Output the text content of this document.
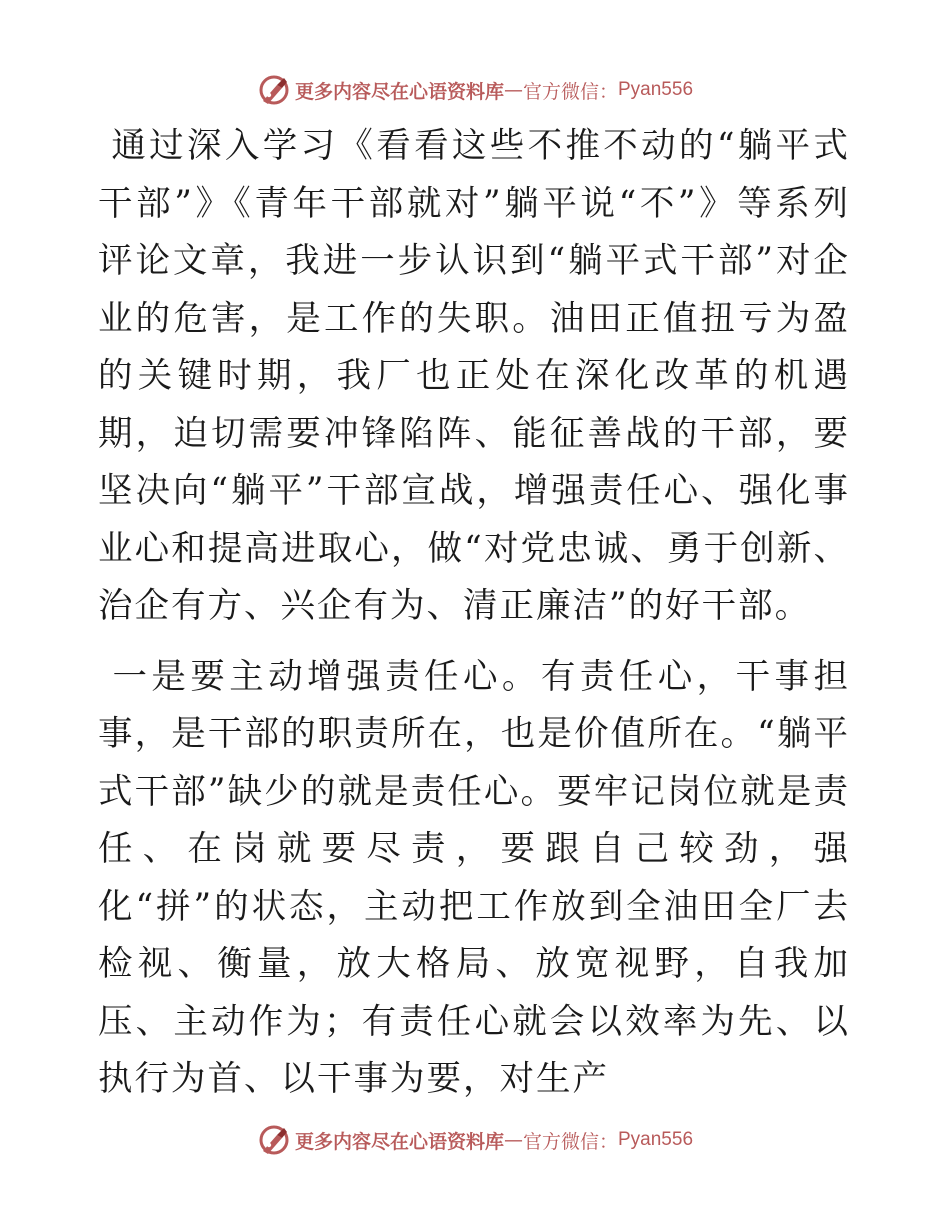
更多内容尽在心语资料库 — 官方微信： Pyan556

通过深入学习《看看这些不推不动的“躺平式干部”》《青年干部就对”躺平说“不”》等系列评论文章，我进一步认识到“躺平式干部”对企业的危害，是工作的失职。油田正值扭亏为盈的关键时期，我厂也正处在深化改革的机遇期，迫切需要冲锋陷阵、能征善战的干部，要坚决向“躺平”干部宣战，增强责任心、强化事业心和提高进取心，做“对党忠诚、勇于创新、治企有方、兴企有为、清正廉洁”的好干部。

一是要主动增强责任心。有责任心，干事担事，是干部的职责所在，也是价值所在。“躺平式干部”缺少的就是责任心。要牢记岗位就是责任、在岗就要尽责，要跟自己较劲，强化“拼”的状态，主动把工作放到全油田全厂去检视、衡量，放大格局、放宽视野，自我加压、主动作为；有责任心就会以效率为先、以执行为首、以干事为要，对生产

更多内容尽在心语资料库 — 官方微信： Pyan556
